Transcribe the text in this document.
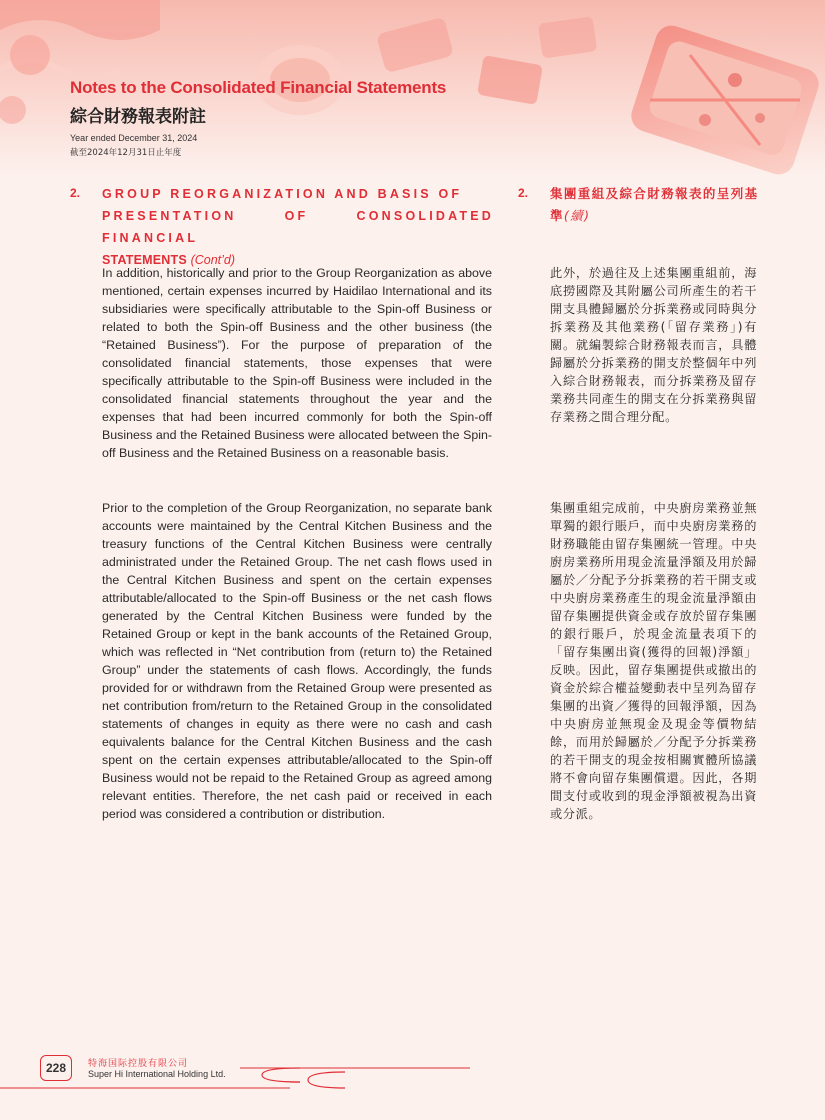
Notes to the Consolidated Financial Statements
綜合財務報表附註
Year ended December 31, 2024
截至2024年12月31日止年度
2. GROUP REORGANIZATION AND BASIS OF
PRESENTATION OF CONSOLIDATED FINANCIAL
STATEMENTS (Cont’d)
2. 集團重組及綜合財務報表的呈列基準(續)

In addition, historically and prior to the Group Reorganization as above mentioned, certain expenses incurred by Haidilao International and its subsidiaries were specifically attributable to the Spin-off Business or related to both the Spin-off Business and the other business (the “Retained Business”). For the purpose of preparation of the consolidated financial statements, those expenses that were specifically attributable to the Spin-off Business were included in the consolidated financial statements throughout the year and the expenses that had been incurred commonly for both the Spin-off Business and the Retained Business were allocated between the Spin-off Business and the Retained Business on a reasonable basis.

Prior to the completion of the Group Reorganization, no separate bank accounts were maintained by the Central Kitchen Business and the treasury functions of the Central Kitchen Business were centrally administrated under the Retained Group. The net cash flows used in the Central Kitchen Business and spent on the certain expenses attributable/allocated to the Spin-off Business or the net cash flows generated by the Central Kitchen Business were funded by the Retained Group or kept in the bank accounts of the Retained Group, which was reflected in “Net contribution from (return to) the Retained Group” under the statements of cash flows. Accordingly, the funds provided for or withdrawn from the Retained Group were presented as net contribution from/return to the Retained Group in the consolidated statements of changes in equity as there were no cash and cash equivalents balance for the Central Kitchen Business and the cash spent on the certain expenses attributable/allocated to the Spin-off Business would not be repaid to the Retained Group as agreed among relevant entities. Therefore, the net cash paid or received in each period was considered a contribution or distribution.

此外，於過往及上述集團重組前，海底撈國際及其附屬公司所產生的若干開支具體歸屬於分拆業務或同時與分拆業務及其他業務(「留存業務」)有關。就編製綜合財務報表而言，具體歸屬於分拆業務的開支於整個年中列入綜合財務報表，而分拆業務及留存業務共同產生的開支在分拆業務與留存業務之間合理分配。

集團重組完成前，中央廚房業務並無單獨的銀行賬戶，而中央廚房業務的財務職能由留存集團統一管理。中央廚房業務所用現金流量淨額及用於歸屬於／分配予分拆業務的若干開支或中央廚房業務產生的現金流量淨額由留存集團提供資金或存放於留存集團的銀行賬戶，於現金流量表項下的「留存集團出資(獲得的回報)淨額」反映。因此，留存集團提供或撤出的資金於綜合權益變動表中呈列為留存集團的出資／獲得的回報淨額，因為中央廚房並無現金及現金等價物結餘，而用於歸屬於／分配予分拆業務的若干開支的現金按相關實體所協議將不會向留存集團償還。因此，各期間支付或收到的現金淨額被視為出資或分派。

228	特海国际控股有限公司
Super Hi International Holding Ltd.
